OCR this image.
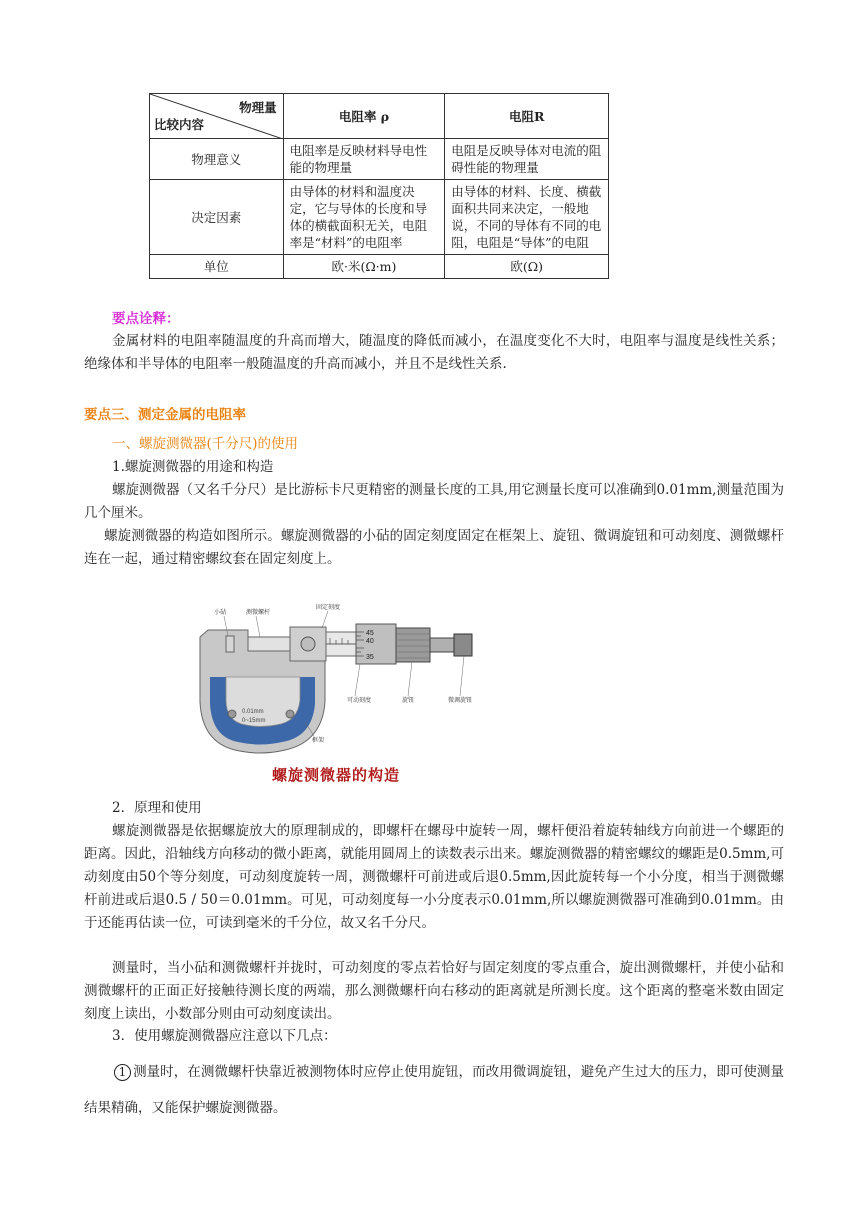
物理量
比较内容	电阻率 ρ	电阻R
物理意义	电阻率是反映材料导电性能的物理量	电阻是反映导体对电流的阻碍性能的物理量
决定因素	由导体的材料和温度决定，它与导体的长度和导体的横截面积无关，电阻率是“材料”的电阻率	由导体的材料、长度、横截面积共同来决定，一般地说，不同的导体有不同的电阻，电阻是“导体”的电阻
单位	欧·米(Ω·m)	欧(Ω)
要点诠释：
金属材料的电阻率随温度的升高而增大，随温度的降低而减小，在温度变化不大时，电阻率与温度是线性关系；绝缘体和半导体的电阻率一般随温度的升高而减小，并且不是线性关系.
要点三、测定金属的电阻率
一、螺旋测微器(千分尺)的使用
1.螺旋测微器的用途和构造
螺旋测微器（又名千分尺）是比游标卡尺更精密的测量长度的工具,用它测量长度可以准确到0.01mm,测量范围为几个厘米。
螺旋测微器的构造如图所示。螺旋测微器的小砧的固定刻度固定在框架上、旋钮、微调旋钮和可动刻度、测微螺杆连在一起，通过精密螺纹套在固定刻度上。
0.01mm
0~15mm
45
40
35
小砧	测微螺杆
固定刻度
可动刻度	旋钮	微调旋钮
框架
螺旋测微器的构造
2．原理和使用
螺旋测微器是依据螺旋放大的原理制成的，即螺杆在螺母中旋转一周，螺杆便沿着旋转轴线方向前进一个螺距的距离。因此，沿轴线方向移动的微小距离，就能用圆周上的读数表示出来。螺旋测微器的精密螺纹的螺距是0.5mm,可动刻度由50个等分刻度，可动刻度旋转一周，测微螺杆可前进或后退0.5mm,因此旋转每一个小分度，相当于测微螺杆前进或后退0.5 / 50＝0.01mm。可见，可动刻度每一小分度表示0.01mm,所以螺旋测微器可准确到0.01mm。由于还能再估读一位，可读到毫米的千分位，故又名千分尺。
测量时，当小砧和测微螺杆并拢时，可动刻度的零点若恰好与固定刻度的零点重合，旋出测微螺杆，并使小砧和测微螺杆的正面正好接触待测长度的两端，那么测微螺杆向右移动的距离就是所测长度。这个距离的整毫米数由固定刻度上读出，小数部分则由可动刻度读出。
3．使用螺旋测微器应注意以下几点：
1 测量时，在测微螺杆快靠近被测物体时应停止使用旋钮，而改用微调旋钮，避免产生过大的压力，即可使测量结果精确，又能保护螺旋测微器。
